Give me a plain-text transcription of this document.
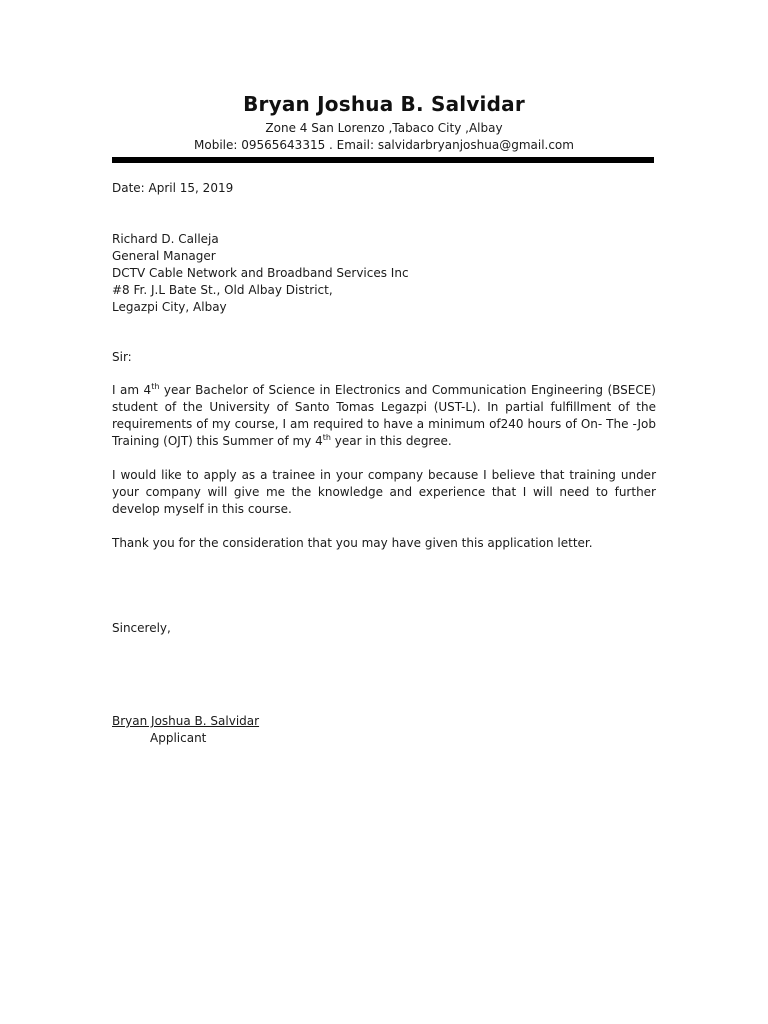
Bryan Joshua B. Salvidar
Zone 4 San Lorenzo ,Tabaco City ,Albay
Mobile: 09565643315 . Email: salvidarbryanjoshua@gmail.com
Date: April 15, 2019
Richard D. Calleja
General Manager
DCTV Cable Network and Broadband Services Inc
#8 Fr. J.L Bate St., Old Albay District,
Legazpi City, Albay
Sir:
I am 4th year Bachelor of Science in Electronics and Communication Engineering (BSECE) student of the University of Santo Tomas Legazpi (UST-L). In partial fulfillment of the requirements of my course, I am required to have a minimum of240 hours of On- The -Job Training (OJT) this Summer of my 4th year in this degree.
I would like to apply as a trainee in your company because I believe that training under your company will give me the knowledge and experience that I will need to further develop myself in this course.
Thank you for the consideration that you may have given this application letter.
Sincerely,
Bryan Joshua B. Salvidar
Applicant
